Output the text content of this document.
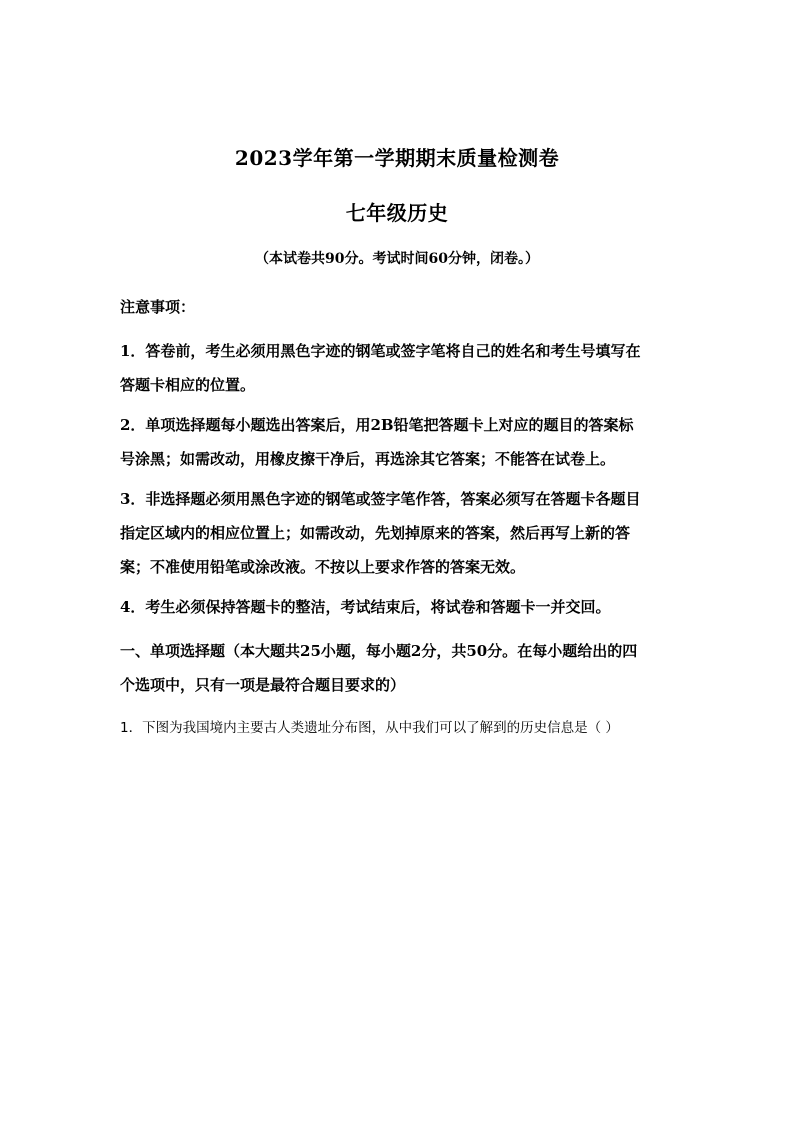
2023学年第一学期期末质量检测卷
七年级历史
（本试卷共90分。考试时间60分钟，闭卷。）
注意事项：
1．答卷前，考生必须用黑色字迹的钢笔或签字笔将自己的姓名和考生号填写在
答题卡相应的位置。
2．单项选择题每小题选出答案后，用2B铅笔把答题卡上对应的题目的答案标
号涂黑；如需改动，用橡皮擦干净后，再选涂其它答案；不能答在试卷上。
3．非选择题必须用黑色字迹的钢笔或签字笔作答，答案必须写在答题卡各题目
指定区域内的相应位置上；如需改动，先划掉原来的答案，然后再写上新的答
案；不准使用铅笔或涂改液。不按以上要求作答的答案无效。
4．考生必须保持答题卡的整洁，考试结束后，将试卷和答题卡一并交回。
一、单项选择题（本大题共25小题，每小题2分，共50分。在每小题给出的四
个选项中，只有一项是最符合题目要求的）
1．下图为我国境内主要古人类遗址分布图，从中我们可以了解到的历史信息是（ ）
